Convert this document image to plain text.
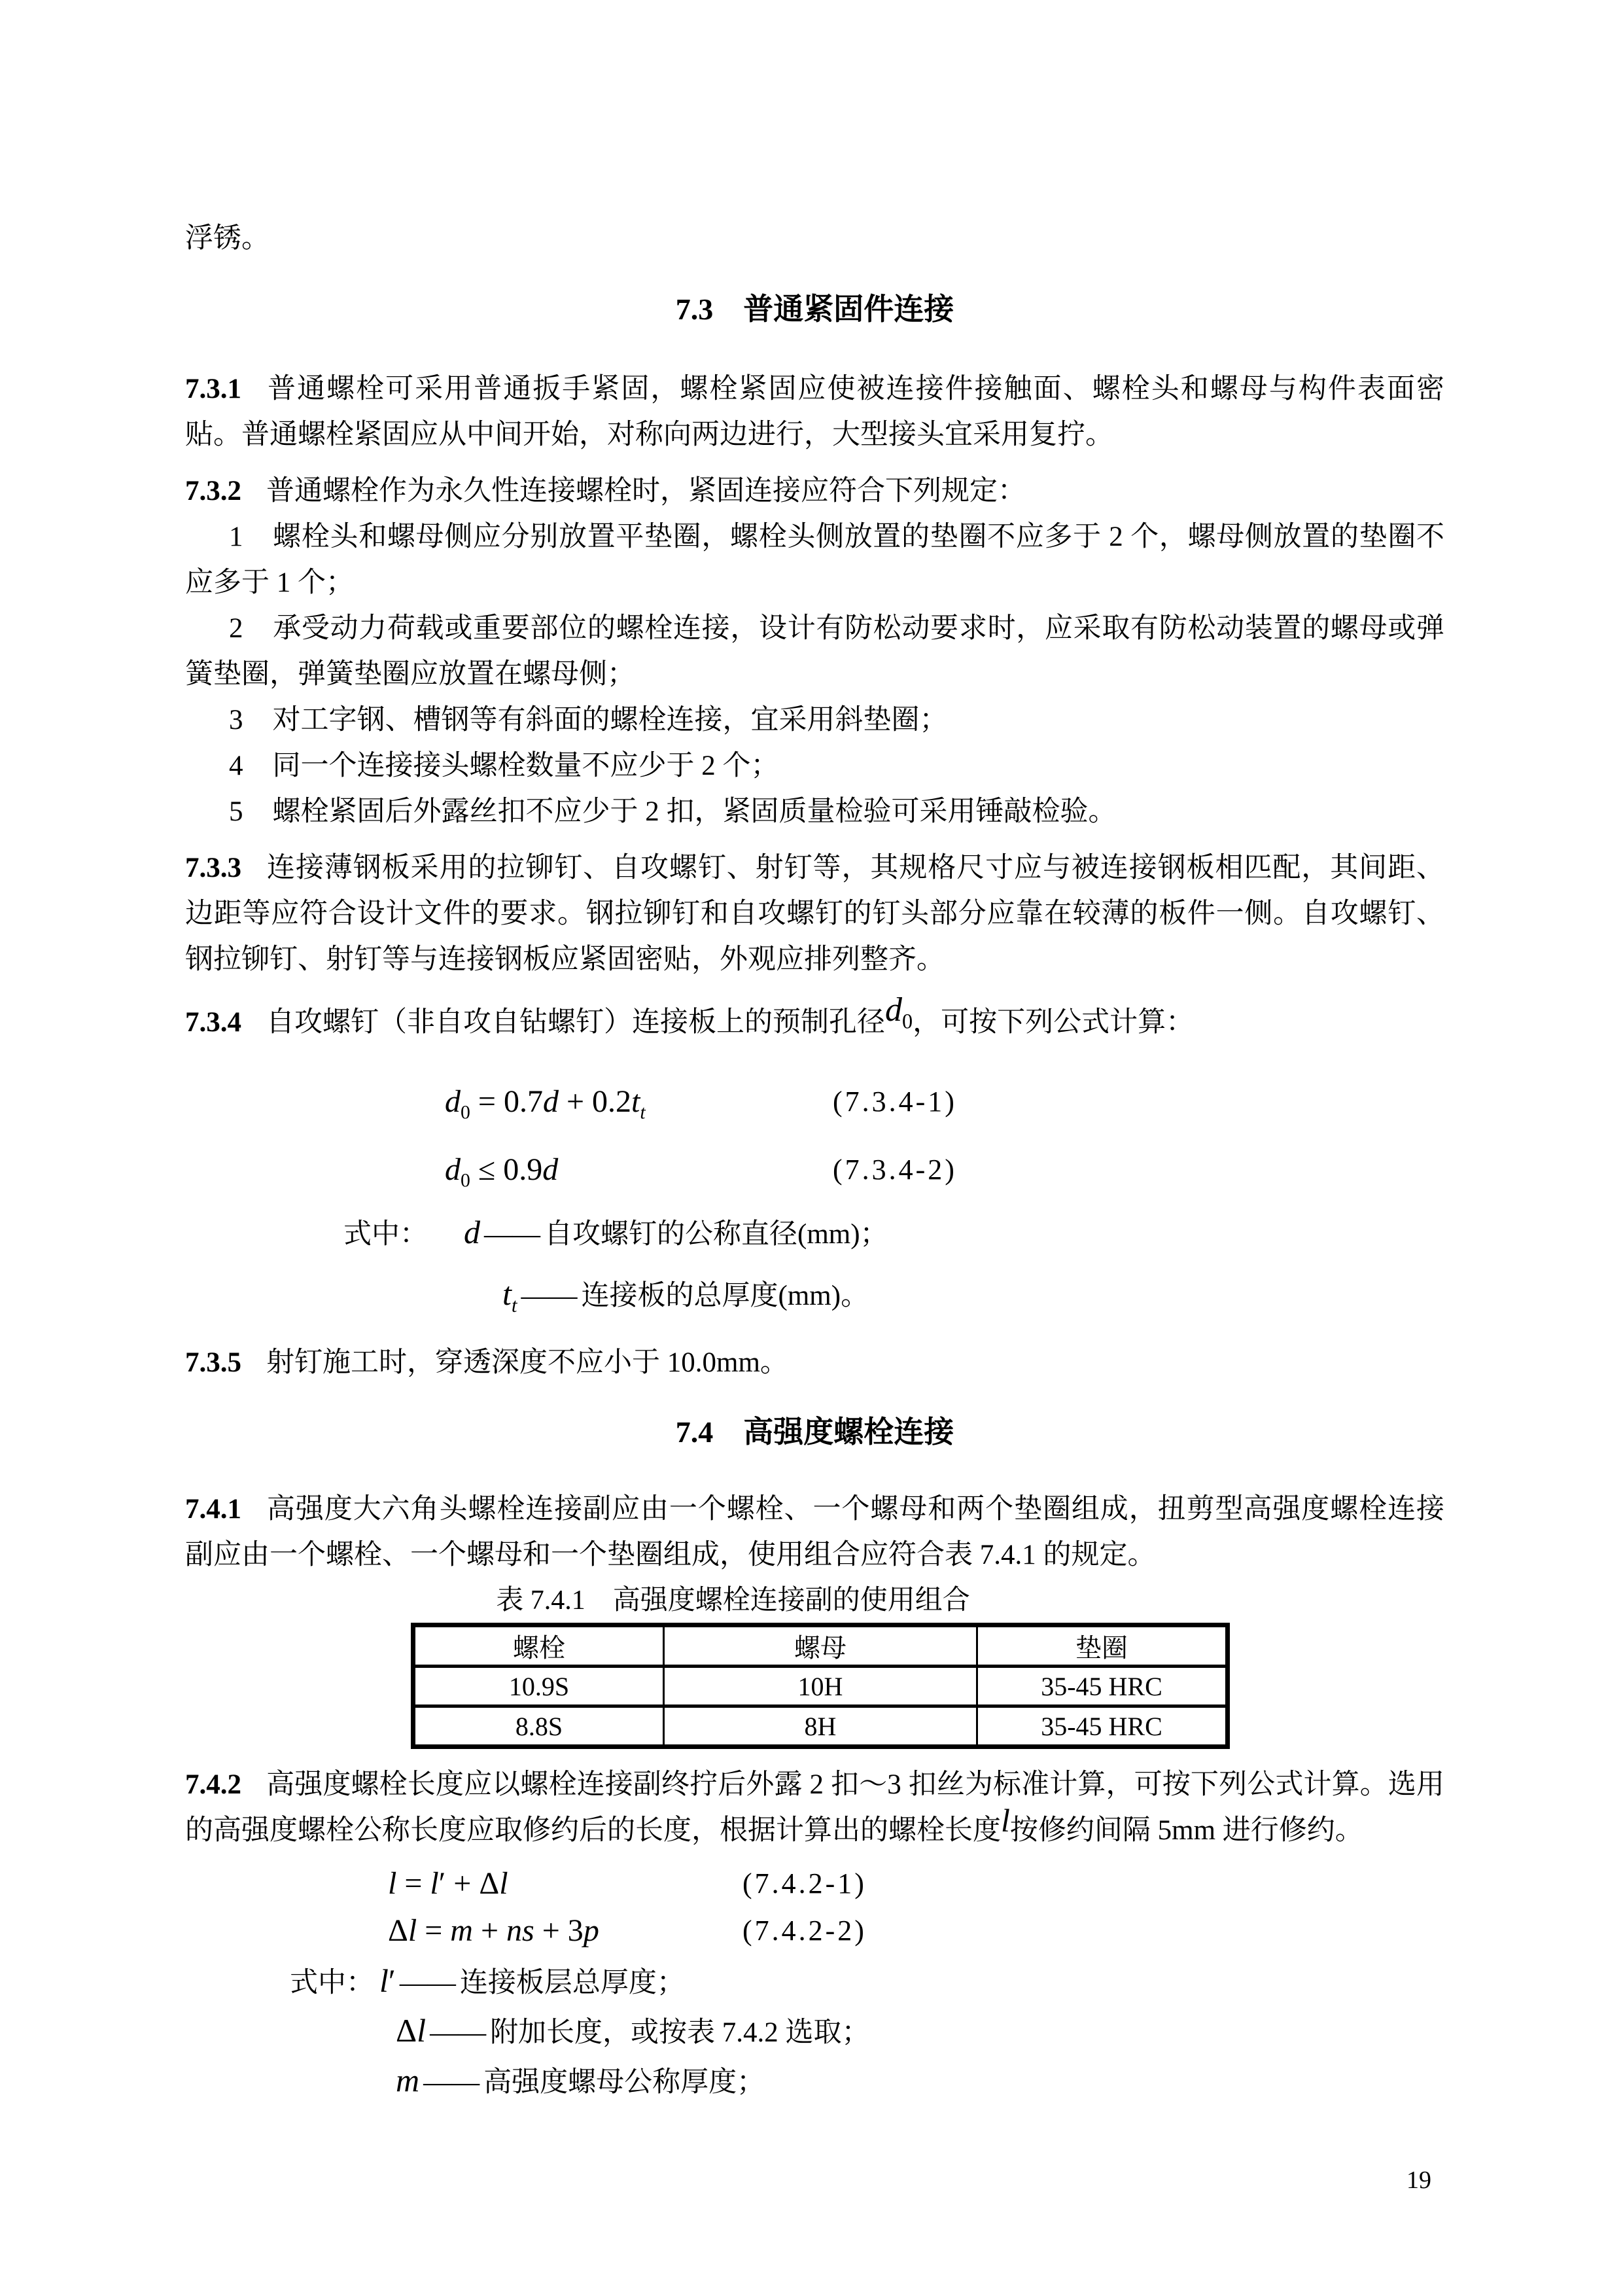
浮锈。
7.3 普通紧固件连接
7.3.1 普通螺栓可采用普通扳手紧固，螺栓紧固应使被连接件接触面、螺栓头和螺母与构件表面密贴。普通螺栓紧固应从中间开始，对称向两边进行，大型接头宜采用复拧。
7.3.2 普通螺栓作为永久性连接螺栓时，紧固连接应符合下列规定：
1 螺栓头和螺母侧应分别放置平垫圈，螺栓头侧放置的垫圈不应多于 2 个，螺母侧放置的垫圈不应多于 1 个；
2 承受动力荷载或重要部位的螺栓连接，设计有防松动要求时，应采取有防松动装置的螺母或弹簧垫圈，弹簧垫圈应放置在螺母侧；
3 对工字钢、槽钢等有斜面的螺栓连接，宜采用斜垫圈；
4 同一个连接接头螺栓数量不应少于 2 个；
5 螺栓紧固后外露丝扣不应少于 2 扣，紧固质量检验可采用锤敲检验。
7.3.3 连接薄钢板采用的拉铆钉、自攻螺钉、射钉等，其规格尺寸应与被连接钢板相匹配，其间距、边距等应符合设计文件的要求。钢拉铆钉和自攻螺钉的钉头部分应靠在较薄的板件一侧。自攻螺钉、钢拉铆钉、射钉等与连接钢板应紧固密贴，外观应排列整齐。
7.3.4 自攻螺钉（非自攻自钻螺钉）连接板上的预制孔径$d_0$，可按下列公式计算：
$d_0 = 0.7d + 0.2t_t$	(7.3.4-1)
$d_0 \le 0.9d$	(7.3.4-2)
式中： d —— 自攻螺钉的公称直径(mm)；
$t_t$ —— 连接板的总厚度(mm)。
7.3.5 射钉施工时，穿透深度不应小于 10.0mm。
7.4 高强度螺栓连接
7.4.1 高强度大六角头螺栓连接副应由一个螺栓、一个螺母和两个垫圈组成，扭剪型高强度螺栓连接副应由一个螺栓、一个螺母和一个垫圈组成，使用组合应符合表 7.4.1 的规定。
表 7.4.1　高强度螺栓连接副的使用组合
螺栓	螺母	垫圈
10.9S	10H	35-45 HRC
8.8S	8H	35-45 HRC
7.4.2 高强度螺栓长度应以螺栓连接副终拧后外露 2 扣～3 扣丝为标准计算，可按下列公式计算。选用的高强度螺栓公称长度应取修约后的长度，根据计算出的螺栓长度l按修约间隔 5mm 进行修约。
l = l′ + Δl	(7.4.2-1)
Δl = m + ns + 3p	(7.4.2-2)
式中： l′ —— 连接板层总厚度；
Δl —— 附加长度，或按表 7.4.2 选取；
m —— 高强度螺母公称厚度；
19
